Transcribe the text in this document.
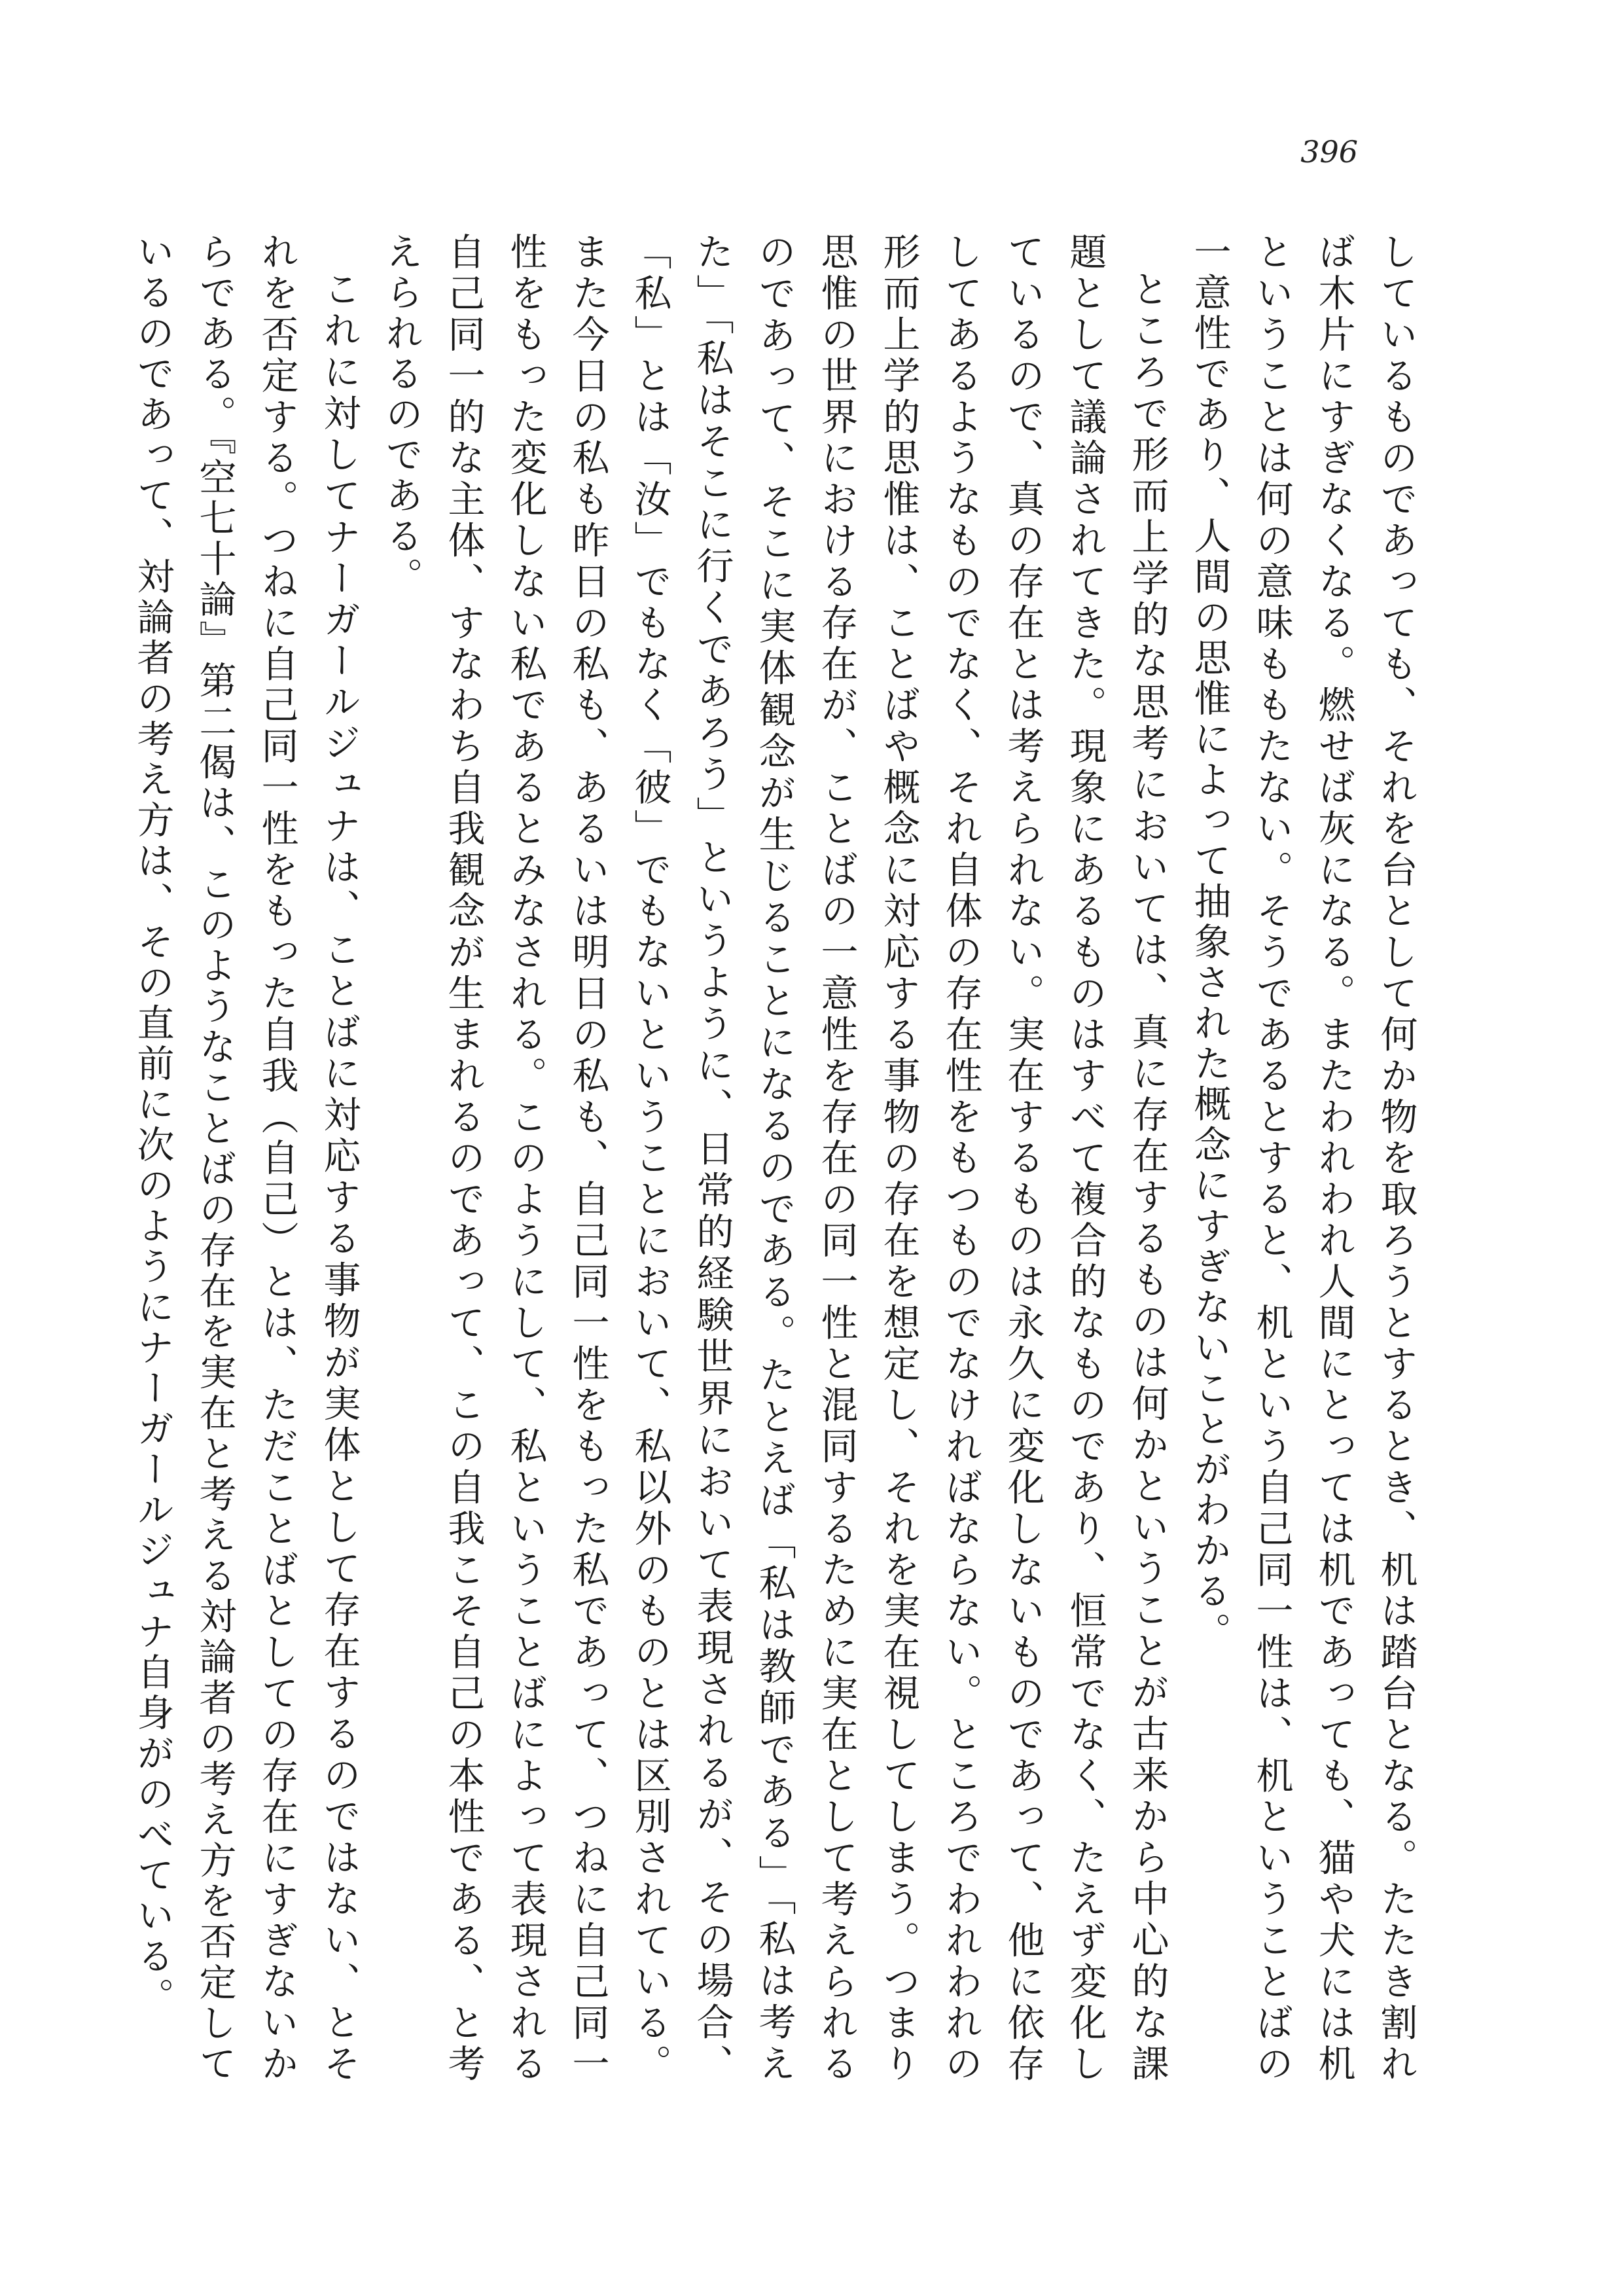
396

しているものであっても、それを台として何か物を取ろうとするとき、机は踏台となる。たたき割れば木片にすぎなくなる。燃せば灰になる。またわれわれ人間にとっては机であっても、猫や犬には机ということは何の意味ももたない。そうであるとすると、机という自己同一性は、机ということばの一意性であり、人間の思惟によって抽象された概念にすぎないことがわかる。

ところで形而上学的な思考においては、真に存在するものは何かということが古来から中心的な課題として議論されてきた。現象にあるものはすべて複合的なものであり、恒常でなく、たえず変化しているので、真の存在とは考えられない。実在するものは永久に変化しないものであって、他に依存してあるようなものでなく、それ自体の存在性をもつものでなければならない。ところでわれわれの形而上学的思惟は、ことばや概念に対応する事物の存在を想定し、それを実在視してしまう。つまり思惟の世界における存在が、ことばの一意性を存在の同一性と混同するために実在として考えられるのであって、そこに実体観念が生じることになるのである。たとえば「私は教師である」「私は考えた」「私はそこに行くであろう」というように、日常的経験世界において表現されるが、その場合、「私」とは「汝」でもなく「彼」でもないということにおいて、私以外のものとは区別されている。また今日の私も昨日の私も、あるいは明日の私も、自己同一性をもった私であって、つねに自己同一性をもった変化しない私であるとみなされる。このようにして、私ということばによって表現される自己同一的な主体、すなわち自我観念が生まれるのであって、この自我こそ自己の本性である、と考えられるのである。

これに対してナーガールジュナは、ことばに対応する事物が実体として存在するのではない、とそれを否定する。つねに自己同一性をもった自我（自己）とは、ただことばとしての存在にすぎないからである。『空七十論』第二偈は、このようなことばの存在を実在と考える対論者の考え方を否定しているのであって、対論者の考え方は、その直前に次のようにナーガールジュナ自身がのべている。
